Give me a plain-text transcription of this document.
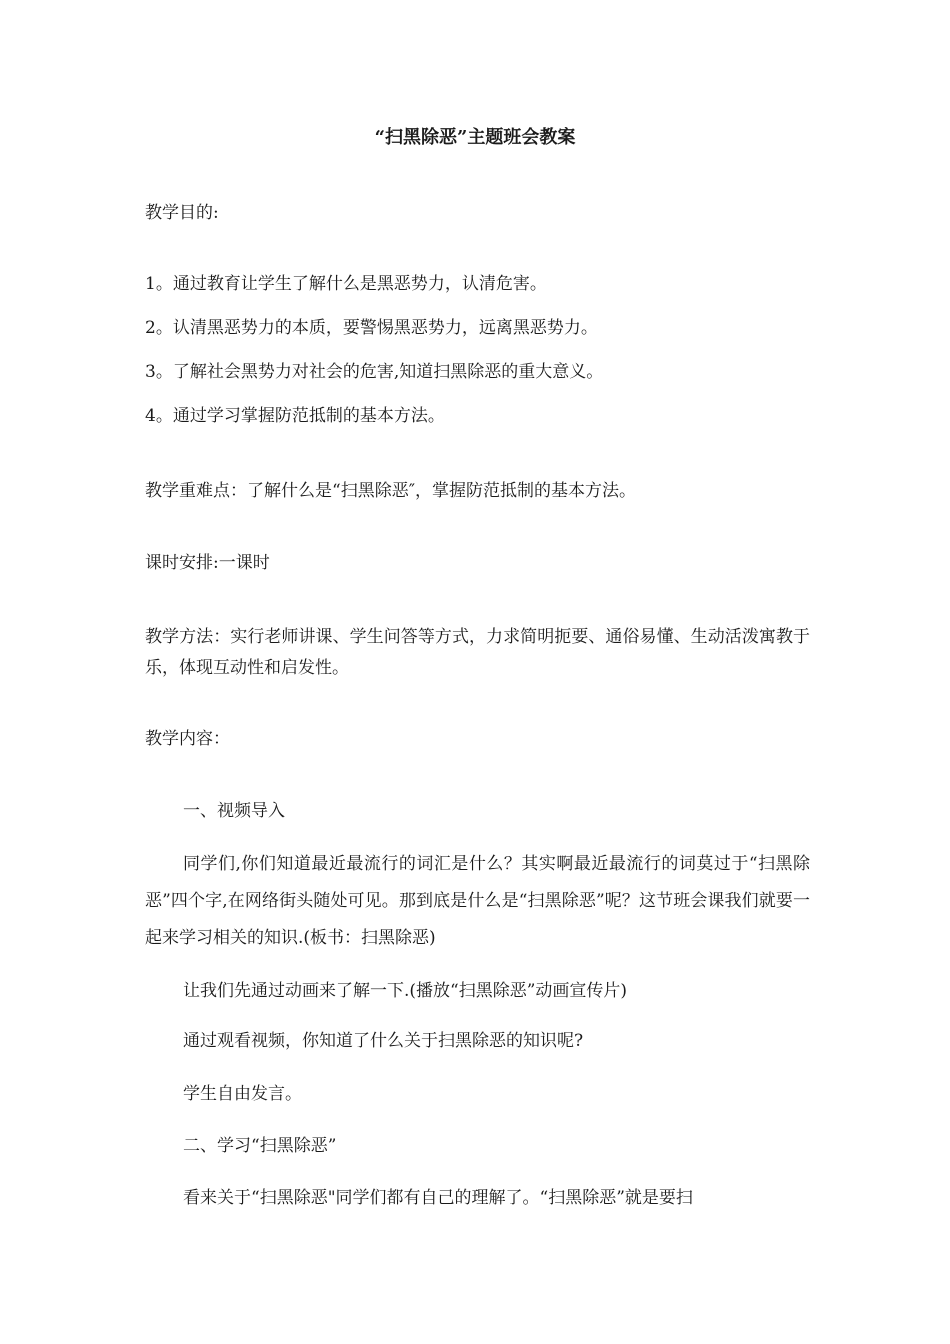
“扫黑除恶”主题班会教案
教学目的:
1。通过教育让学生了解什么是黑恶势力，认清危害。
2。认清黑恶势力的本质，要警惕黑恶势力，远离黑恶势力。
3。了解社会黑势力对社会的危害,知道扫黑除恶的重大意义。
4。通过学习掌握防范抵制的基本方法。
教学重难点：了解什么是“扫黑除恶″，掌握防范抵制的基本方法。
课时安排:一课时
教学方法：实行老师讲课、学生问答等方式，力求简明扼要、通俗易懂、生动活泼寓教于乐，体现互动性和启发性。
教学内容：
一、视频导入
同学们,你们知道最近最流行的词汇是什么？其实啊最近最流行的词莫过于“扫黑除恶”四个字,在网络街头随处可见。那到底是什么是“扫黑除恶”呢？这节班会课我们就要一起来学习相关的知识.(板书：扫黑除恶)
让我们先通过动画来了解一下.(播放“扫黑除恶”动画宣传片)
通过观看视频，你知道了什么关于扫黑除恶的知识呢?
学生自由发言。
二、学习“扫黑除恶”
看来关于“扫黑除恶"同学们都有自己的理解了。“扫黑除恶”就是要扫
